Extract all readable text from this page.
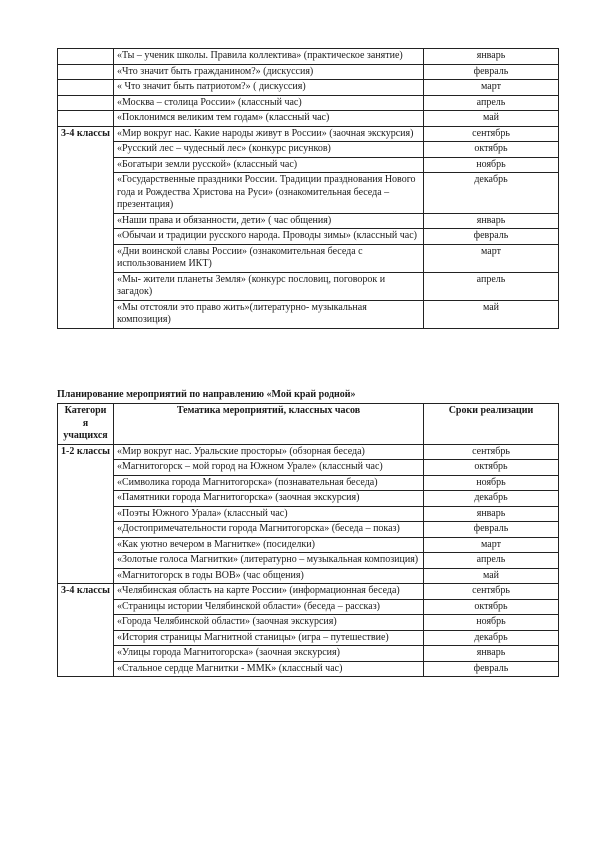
	«Ты – ученик школы. Правила коллектива» (практическое занятие)	январь
	«Что значит быть гражданином?» (дискуссия)	февраль
	« Что значит быть патриотом?» ( дискуссия)	март
	«Москва – столица России» (классный час)	апрель
	«Поклонимся великим тем годам» (классный час)	май
3-4 классы	«Мир вокруг нас. Какие народы живут в России» (заочная экскурсия)	сентябрь
	«Русский лес – чудесный лес» (конкурс рисунков)	октябрь
	«Богатыри земли русской» (классный час)	ноябрь
	«Государственные праздники России. Традиции празднования Нового года и Рождества Христова на Руси» (ознакомительная беседа – презентация)	декабрь
	«Наши права и обязанности, дети» ( час общения)	январь
	«Обычаи и традиции русского народа. Проводы зимы» (классный час)	февраль
	«Дни воинской славы России» (ознакомительная беседа с использованием ИКТ)	март
	«Мы- жители планеты Земля» (конкурс пословиц, поговорок и загадок)	апрель
	«Мы отстояли это право жить»(литературно- музыкальная композиция)	май
Планирование мероприятий по направлению «Мой край родной»
Категори я учащихся	Тематика мероприятий, классных часов	Сроки реализации
1-2 классы	«Мир вокруг нас. Уральские просторы» (обзорная беседа)	сентябрь
	«Магнитогорск – мой город на Южном Урале» (классный час)	октябрь
	«Символика города Магнитогорска» (познавательная беседа)	ноябрь
	«Памятники города Магнитогорска» (заочная экскурсия)	декабрь
	«Поэты Южного Урала» (классный час)	январь
	«Достопримечательности города Магнитогорска» (беседа – показ)	февраль
	«Как уютно вечером в Магнитке» (посиделки)	март
	«Золотые голоса Магнитки» (литературно – музыкальная композиция)	апрель
	«Магнитогорск в годы ВОВ» (час общения)	май
3-4 классы	«Челябинская область на карте России» (информационная беседа)	сентябрь
	«Страницы истории Челябинской области» (беседа – рассказ)	октябрь
	«Города Челябинской области» (заочная экскурсия)	ноябрь
	«История страницы Магнитной станицы» (игра – путешествие)	декабрь
	«Улицы города Магнитогорска» (заочная экскурсия)	январь
	«Стальное сердце Магнитки - ММК» (классный час)	февраль
